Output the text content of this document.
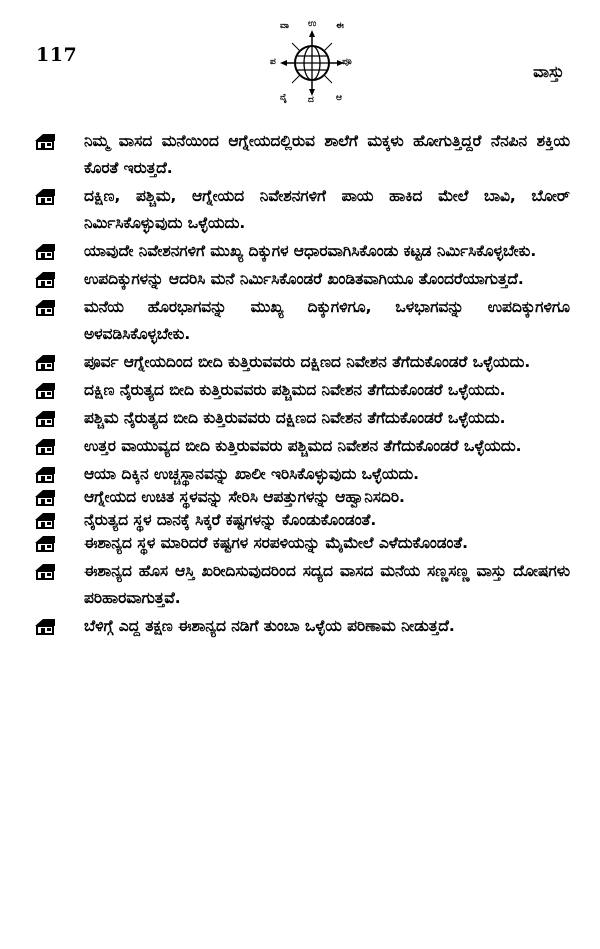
117
ವಾ ಉ ಈ
ಪ	ಪೂ
ನೈ ದ ಆ
ವಾಸ್ತು
ನಿಮ್ಮ ವಾಸದ ಮನೆಯಿಂದ ಆಗ್ನೇಯದಲ್ಲಿರುವ ಶಾಲೆಗೆ ಮಕ್ಕಳು ಹೋಗುತ್ತಿದ್ದರೆ ನೆನಪಿನ ಶಕ್ತಿಯ ಕೊರತೆ ಇರುತ್ತದೆ.
ದಕ್ಷಿಣ, ಪಶ್ಚಿಮ, ಆಗ್ನೇಯದ ನಿವೇಶನಗಳಿಗೆ ಪಾಯ ಹಾಕಿದ ಮೇಲೆ ಬಾವಿ, ಬೋರ್ ನಿರ್ಮಿಸಿಕೊಳ್ಳುವುದು ಒಳ್ಳೆಯದು.
ಯಾವುದೇ ನಿವೇಶನಗಳಿಗೆ ಮುಖ್ಯ ದಿಕ್ಕುಗಳ ಆಧಾರವಾಗಿಸಿಕೊಂಡು ಕಟ್ಟಡ ನಿರ್ಮಿಸಿಕೊಳ್ಳಬೇಕು.
ಉಪದಿಕ್ಕುಗಳನ್ನು ಆದರಿಸಿ ಮನೆ ನಿರ್ಮಿಸಿಕೊಂಡರೆ ಖಂಡಿತವಾಗಿಯೂ ತೊಂದರೆಯಾಗುತ್ತದೆ.
ಮನೆಯ ಹೊರಭಾಗವನ್ನು ಮುಖ್ಯ ದಿಕ್ಕುಗಳಿಗೂ, ಒಳಭಾಗವನ್ನು ಉಪದಿಕ್ಕುಗಳಿಗೂ ಅಳವಡಿಸಿಕೊಳ್ಳಬೇಕು.
ಪೂರ್ವ ಆಗ್ನೇಯದಿಂದ ಬೀದಿ ಕುತ್ತಿರುವವರು ದಕ್ಷಿಣದ ನಿವೇಶನ ತೆಗೆದುಕೊಂಡರೆ ಒಳ್ಳೆಯದು.
ದಕ್ಷಿಣ ನೈರುತ್ಯದ ಬೀದಿ ಕುತ್ತಿರುವವರು ಪಶ್ಚಿಮದ ನಿವೇಶನ ತೆಗೆದುಕೊಂಡರೆ ಒಳ್ಳೆಯದು.
ಪಶ್ಚಿಮ ನೈರುತ್ಯದ ಬೀದಿ ಕುತ್ತಿರುವವರು ದಕ್ಷಿಣದ ನಿವೇಶನ ತೆಗೆದುಕೊಂಡರೆ ಒಳ್ಳೆಯದು.
ಉತ್ತರ ವಾಯುವ್ಯದ ಬೀದಿ ಕುತ್ತಿರುವವರು ಪಶ್ಚಿಮದ ನಿವೇಶನ ತೆಗೆದುಕೊಂಡರೆ ಒಳ್ಳೆಯದು.
ಆಯಾ ದಿಕ್ಕಿನ ಉಚ್ಚಸ್ಥಾನವನ್ನು ಖಾಲೀ ಇರಿಸಿಕೊಳ್ಳುವುದು ಒಳ್ಳೆಯದು.
ಆಗ್ನೇಯದ ಉಚಿತ ಸ್ಥಳವನ್ನು ಸೇರಿಸಿ ಆಪತ್ತುಗಳನ್ನು ಆಹ್ವಾನಿಸದಿರಿ.
ನೈರುತ್ಯದ ಸ್ಥಳ ದಾನಕ್ಕೆ ಸಿಕ್ಕರೆ ಕಷ್ಟಗಳನ್ನು ಕೊಂಡುಕೊಂಡಂತೆ.
ಈಶಾನ್ಯದ ಸ್ಥಳ ಮಾರಿದರೆ ಕಷ್ಟಗಳ ಸರಪಳಿಯನ್ನು ಮೈಮೇಲೆ ಎಳೆದುಕೊಂಡಂತೆ.
ಈಶಾನ್ಯದ ಹೊಸ ಆಸ್ತಿ ಖರೀದಿಸುವುದರಿಂದ ಸದ್ಯದ ವಾಸದ ಮನೆಯ ಸಣ್ಣಸಣ್ಣ ವಾಸ್ತು ದೋಷಗಳು ಪರಿಹಾರವಾಗುತ್ತವೆ.
ಬೆಳಿಗ್ಗೆ ಎದ್ದ ತಕ್ಷಣ ಈಶಾನ್ಯದ ನಡಿಗೆ ತುಂಬಾ ಒಳ್ಳೆಯ ಪರಿಣಾಮ ನೀಡುತ್ತದೆ.
